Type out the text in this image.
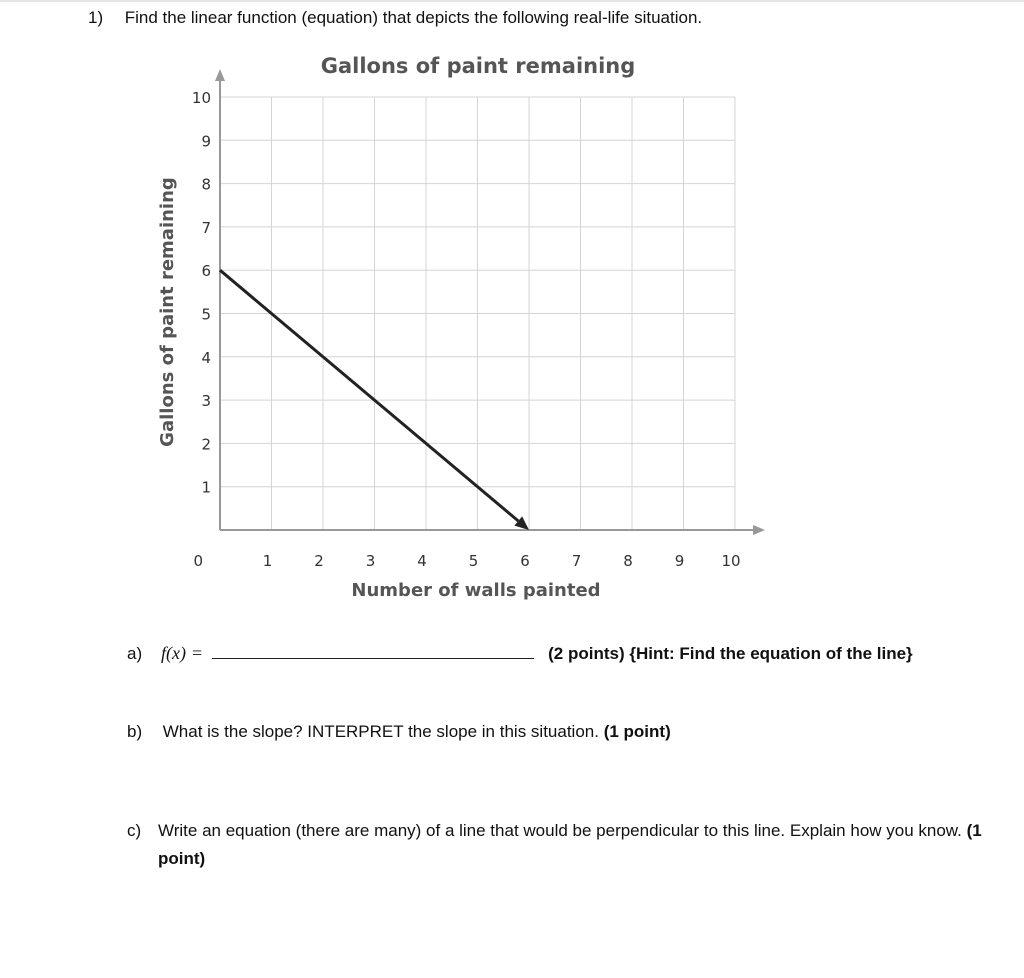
1) Find the linear function (equation) that depicts the following real-life situation.
Gallons of paint remaining
0
1
2
3
4
5
6
7
8
9
10
1	2	3	4	5	6	7	8	9 10
Number of walls painted
Gallons of paint remaining
a)	f(x) =	(2 points) {Hint: Find the equation of the line}
b) What is the slope? INTERPRET the slope in this situation. (1 point)
c) Write an equation (there are many) of a line that would be perpendicular to this line. Explain how you know. (1 point)
